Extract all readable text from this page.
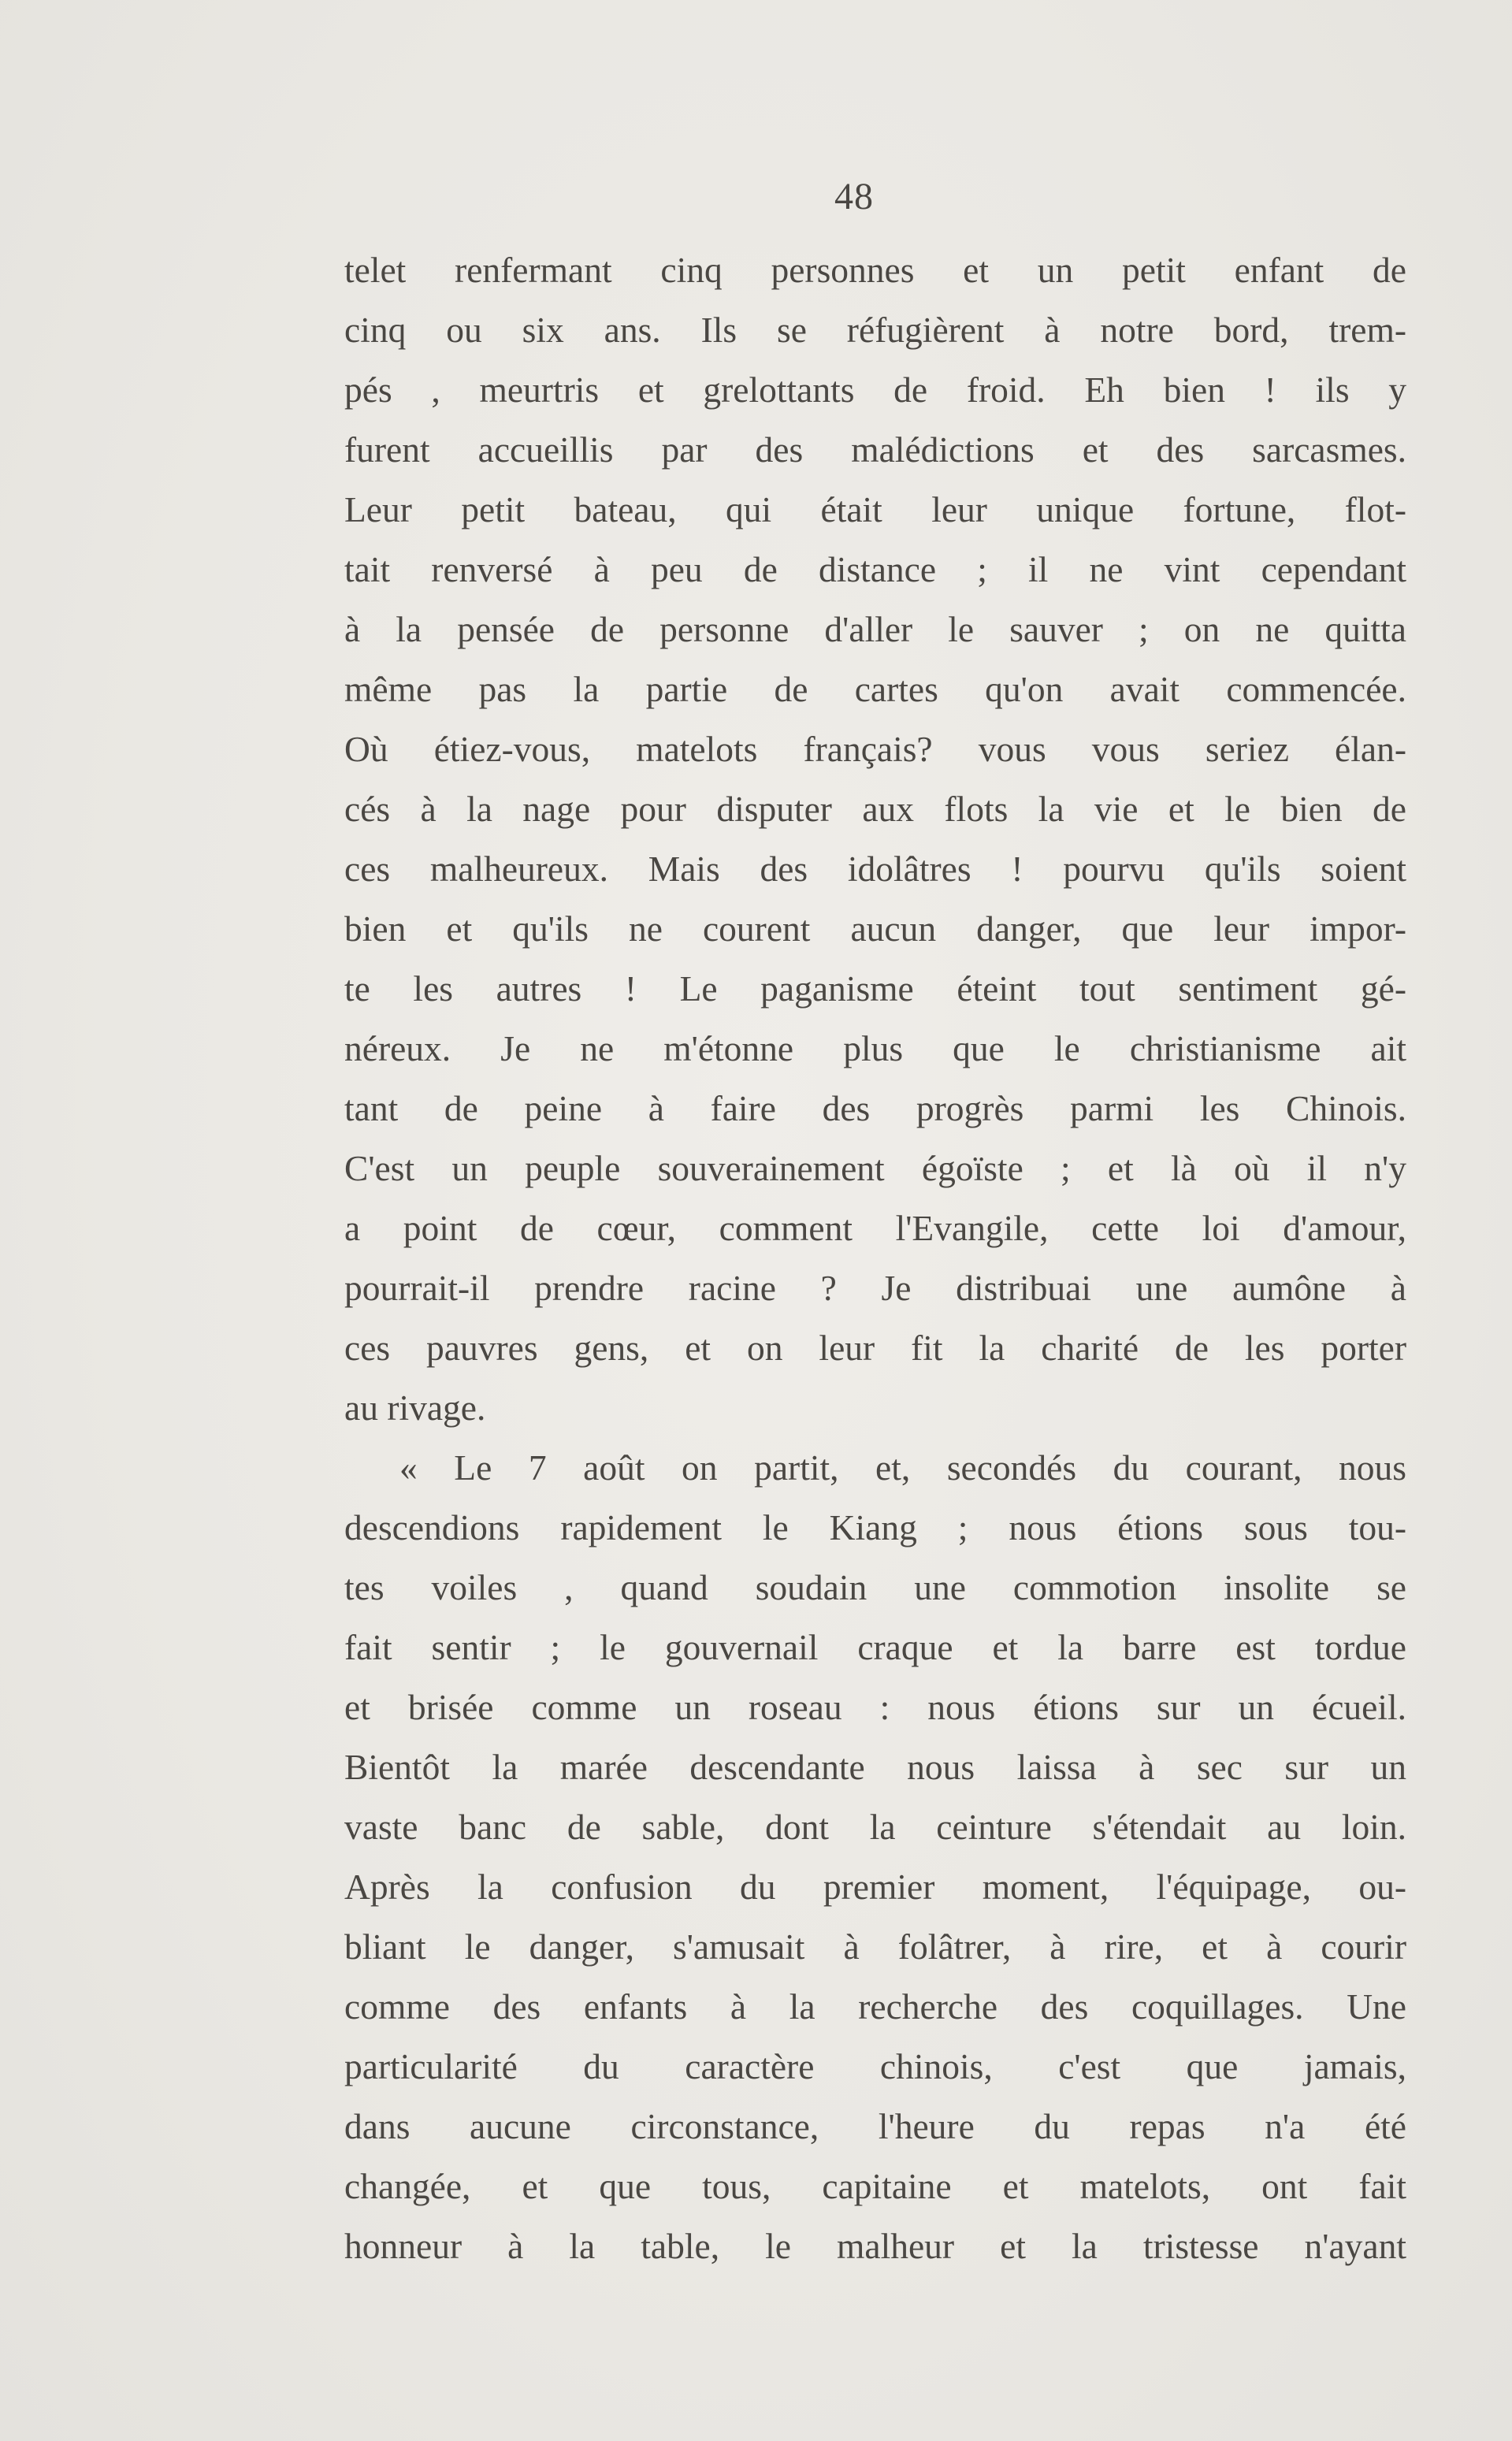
48
telet renfermant cinq personnes et un petit enfant de
cinq ou six ans. Ils se réfugièrent à notre bord, trem-
pés , meurtris et grelottants de froid. Eh bien ! ils y
furent accueillis par des malédictions et des sarcasmes.
Leur petit bateau, qui était leur unique fortune, flot-
tait renversé à peu de distance ; il ne vint cependant
à la pensée de personne d'aller le sauver ; on ne quitta
même pas la partie de cartes qu'on avait commencée.
Où étiez-vous, matelots français? vous vous seriez élan-
cés à la nage pour disputer aux flots la vie et le bien de
ces malheureux. Mais des idolâtres ! pourvu qu'ils soient
bien et qu'ils ne courent aucun danger, que leur impor-
te les autres ! Le paganisme éteint tout sentiment gé-
néreux. Je ne m'étonne plus que le christianisme ait
tant de peine à faire des progrès parmi les Chinois.
C'est un peuple souverainement égoïste ; et là où il n'y
a point de cœur, comment l'Evangile, cette loi d'amour,
pourrait-il prendre racine ? Je distribuai une aumône à
ces pauvres gens, et on leur fit la charité de les porter
au rivage.
« Le 7 août on partit, et, secondés du courant, nous
descendions rapidement le Kiang ; nous étions sous tou-
tes voiles , quand soudain une commotion insolite se
fait sentir ; le gouvernail craque et la barre est tordue
et brisée comme un roseau : nous étions sur un écueil.
Bientôt la marée descendante nous laissa à sec sur un
vaste banc de sable, dont la ceinture s'étendait au loin.
Après la confusion du premier moment, l'équipage, ou-
bliant le danger, s'amusait à folâtrer, à rire, et à courir
comme des enfants à la recherche des coquillages. Une
particularité du caractère chinois, c'est que jamais,
dans aucune circonstance, l'heure du repas n'a été
changée, et que tous, capitaine et matelots, ont fait
honneur à la table, le malheur et la tristesse n'ayant
